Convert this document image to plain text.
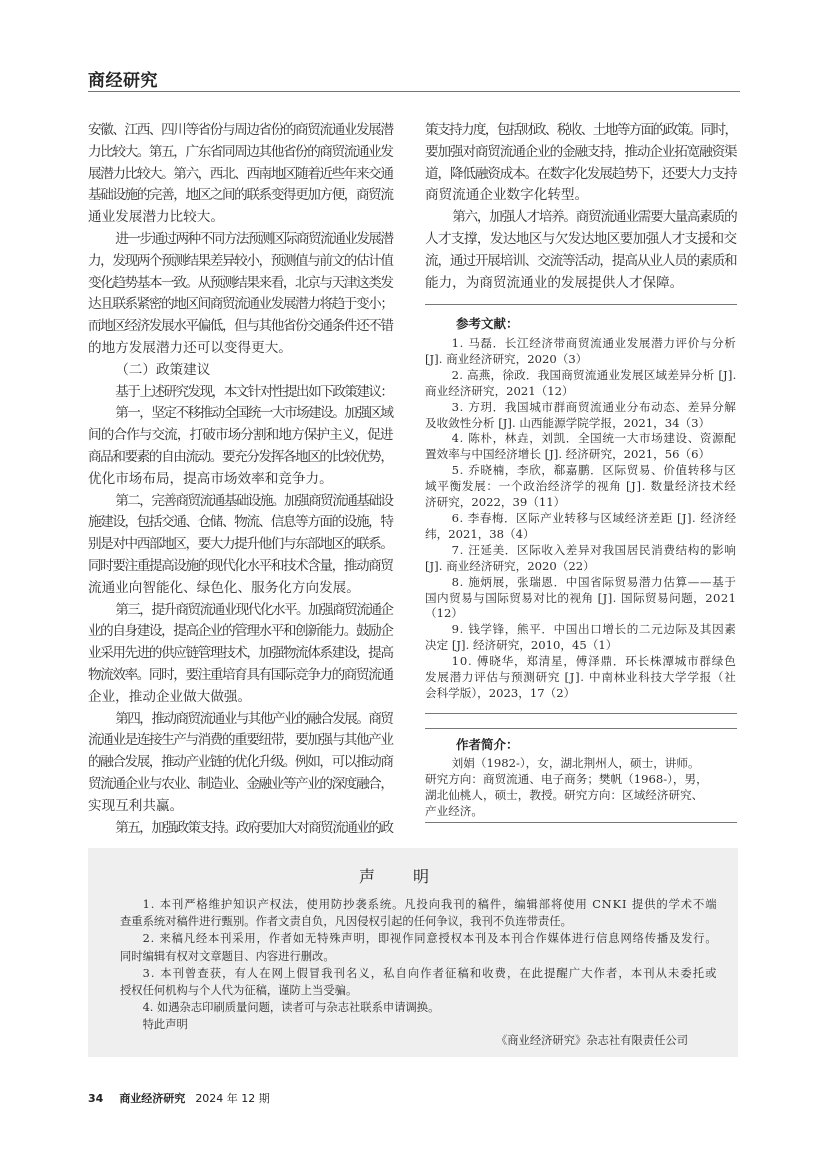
商经研究
安徽、江西、四川等省份与周边省份的商贸流通业发展潜
力比较大。第五，广东省同周边其他省份的商贸流通业发
展潜力比较大。第六，西北、西南地区随着近些年来交通
基础设施的完善，地区之间的联系变得更加方便，商贸流
通业发展潜力比较大。
进一步通过两种不同方法预测区际商贸流通业发展潜
力，发现两个预测结果差异较小，预测值与前文的估计值
变化趋势基本一致。从预测结果来看，北京与天津这类发
达且联系紧密的地区间商贸流通业发展潜力将趋于变小；
而地区经济发展水平偏低，但与其他省份交通条件还不错
的地方发展潜力还可以变得更大。
（二）政策建议
基于上述研究发现，本文针对性提出如下政策建议：
第一，坚定不移推动全国统一大市场建设。加强区域
间的合作与交流，打破市场分割和地方保护主义，促进
商品和要素的自由流动。要充分发挥各地区的比较优势，
优化市场布局，提高市场效率和竞争力。
第二，完善商贸流通基础设施。加强商贸流通基础设
施建设，包括交通、仓储、物流、信息等方面的设施，特
别是对中西部地区，要大力提升他们与东部地区的联系。
同时要注重提高设施的现代化水平和技术含量，推动商贸
流通业向智能化、绿色化、服务化方向发展。
第三，提升商贸流通业现代化水平。加强商贸流通企
业的自身建设，提高企业的管理水平和创新能力。鼓励企
业采用先进的供应链管理技术，加强物流体系建设，提高
物流效率。同时，要注重培育具有国际竞争力的商贸流通
企业，推动企业做大做强。
第四，推动商贸流通业与其他产业的融合发展。商贸
流通业是连接生产与消费的重要纽带，要加强与其他产业
的融合发展，推动产业链的优化升级。例如，可以推动商
贸流通企业与农业、制造业、金融业等产业的深度融合，
实现互利共赢。
第五，加强政策支持。政府要加大对商贸流通业的政
策支持力度，包括财政、税收、土地等方面的政策。同时，
要加强对商贸流通企业的金融支持，推动企业拓宽融资渠
道，降低融资成本。在数字化发展趋势下，还要大力支持
商贸流通企业数字化转型。
第六，加强人才培养。商贸流通业需要大量高素质的
人才支撑，发达地区与欠发达地区要加强人才支援和交
流，通过开展培训、交流等活动，提高从业人员的素质和
能力，为商贸流通业的发展提供人才保障。
参考文献：
1. 马磊．长江经济带商贸流通业发展潜力评价与分析
[J]. 商业经济研究，2020（3）
2. 高燕，徐政．我国商贸流通业发展区域差异分析 [J].
商业经济研究，2021（12）
3. 方玥．我国城市群商贸流通业分布动态、差异分解
及收敛性分析 [J]. 山西能源学院学报，2021，34（3）
4. 陈朴，林垚，刘凯．全国统一大市场建设、资源配
置效率与中国经济增长 [J]. 经济研究，2021，56（6）
5. 乔晓楠，李欣，郗嘉鹏．区际贸易、价值转移与区
域平衡发展：一个政治经济学的视角 [J]. 数量经济技术经
济研究，2022，39（11）
6. 李春梅．区际产业转移与区域经济差距 [J]. 经济经
纬，2021，38（4）
7. 汪延美．区际收入差异对我国居民消费结构的影响
[J]. 商业经济研究，2020（22）
8. 施炳展，张瑞恩．中国省际贸易潜力估算——基于
国内贸易与国际贸易对比的视角 [J]. 国际贸易问题，2021
（12）
9. 钱学锋，熊平．中国出口增长的二元边际及其因素
决定 [J]. 经济研究，2010，45（1）
10. 傅晓华，郑清星，傅泽鼎．环长株潭城市群绿色
发展潜力评估与预测研究 [J]. 中南林业科技大学学报（社
会科学版），2023，17（2）
作者简介：
刘娟（1982-），女，湖北荆州人，硕士，讲师。
研究方向：商贸流通、电子商务；樊帆（1968-），男，
湖北仙桃人，硕士，教授。研究方向：区域经济研究、
产业经济。
声明
1. 本刊严格维护知识产权法，使用防抄袭系统。凡投向我刊的稿件，编辑部将使用 CNKI 提供的学术不端
查重系统对稿件进行甄别。作者文责自负，凡因侵权引起的任何争议，我刊不负连带责任。
2. 来稿凡经本刊采用，作者如无特殊声明，即视作同意授权本刊及本刊合作媒体进行信息网络传播及发行。
同时编辑有权对文章题目、内容进行删改。
3. 本刊曾查获，有人在网上假冒我刊名义，私自向作者征稿和收费，在此提醒广大作者，本刊从未委托或
授权任何机构与个人代为征稿，谨防上当受骗。
4. 如遇杂志印刷质量问题，读者可与杂志社联系申请调换。
特此声明
《商业经济研究》杂志社有限责任公司
34 商业经济研究 2024 年 12 期
